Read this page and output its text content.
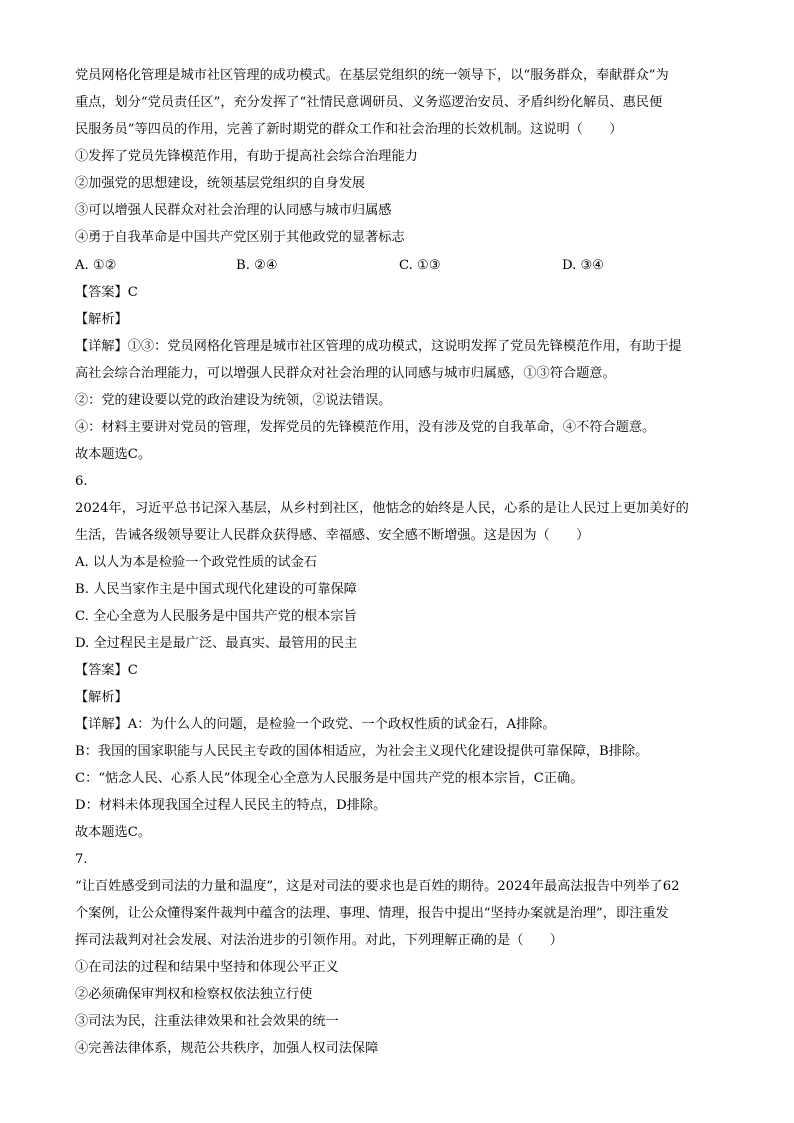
党员网格化管理是城市社区管理的成功模式。在基层党组织的统一领导下，以“服务群众，奉献群众”为
重点，划分“党员责任区”，充分发挥了“社情民意调研员、义务巡逻治安员、矛盾纠纷化解员、惠民便
民服务员”等四员的作用，完善了新时期党的群众工作和社会治理的长效机制。这说明（　　）
①发挥了党员先锋模范作用，有助于提高社会综合治理能力
②加强党的思想建设，统领基层党组织的自身发展
③可以增强人民群众对社会治理的认同感与城市归属感
④勇于自我革命是中国共产党区别于其他政党的显著标志
A. ①②	B. ②④	C. ①③	D. ③④
【答案】C
【解析】
【详解】①③：党员网格化管理是城市社区管理的成功模式，这说明发挥了党员先锋模范作用，有助于提
高社会综合治理能力，可以增强人民群众对社会治理的认同感与城市归属感，①③符合题意。
②：党的建设要以党的政治建设为统领，②说法错误。
④：材料主要讲对党员的管理，发挥党员的先锋模范作用，没有涉及党的自我革命，④不符合题意。
故本题选C。
6.
2024年，习近平总书记深入基层，从乡村到社区，他惦念的始终是人民，心系的是让人民过上更加美好的
生活，告诫各级领导要让人民群众获得感、幸福感、安全感不断增强。这是因为（　　）
A. 以人为本是检验一个政党性质的试金石
B. 人民当家作主是中国式现代化建设的可靠保障
C. 全心全意为人民服务是中国共产党的根本宗旨
D. 全过程民主是最广泛、最真实、最管用的民主
【答案】C
【解析】
【详解】A：为什么人的问题，是检验一个政党、一个政权性质的试金石，A排除。
B：我国的国家职能与人民民主专政的国体相适应，为社会主义现代化建设提供可靠保障，B排除。
C：“惦念人民、心系人民”体现全心全意为人民服务是中国共产党的根本宗旨，C正确。
D：材料未体现我国全过程人民民主的特点，D排除。
故本题选C。
7.
“让百姓感受到司法的力量和温度”，这是对司法的要求也是百姓的期待。2024年最高法报告中列举了62
个案例，让公众懂得案件裁判中蕴含的法理、事理、情理，报告中提出“坚持办案就是治理”，即注重发
挥司法裁判对社会发展、对法治进步的引领作用。对此，下列理解正确的是（　　）
①在司法的过程和结果中坚持和体现公平正义
②必须确保审判权和检察权依法独立行使
③司法为民，注重法律效果和社会效果的统一
④完善法律体系，规范公共秩序，加强人权司法保障
